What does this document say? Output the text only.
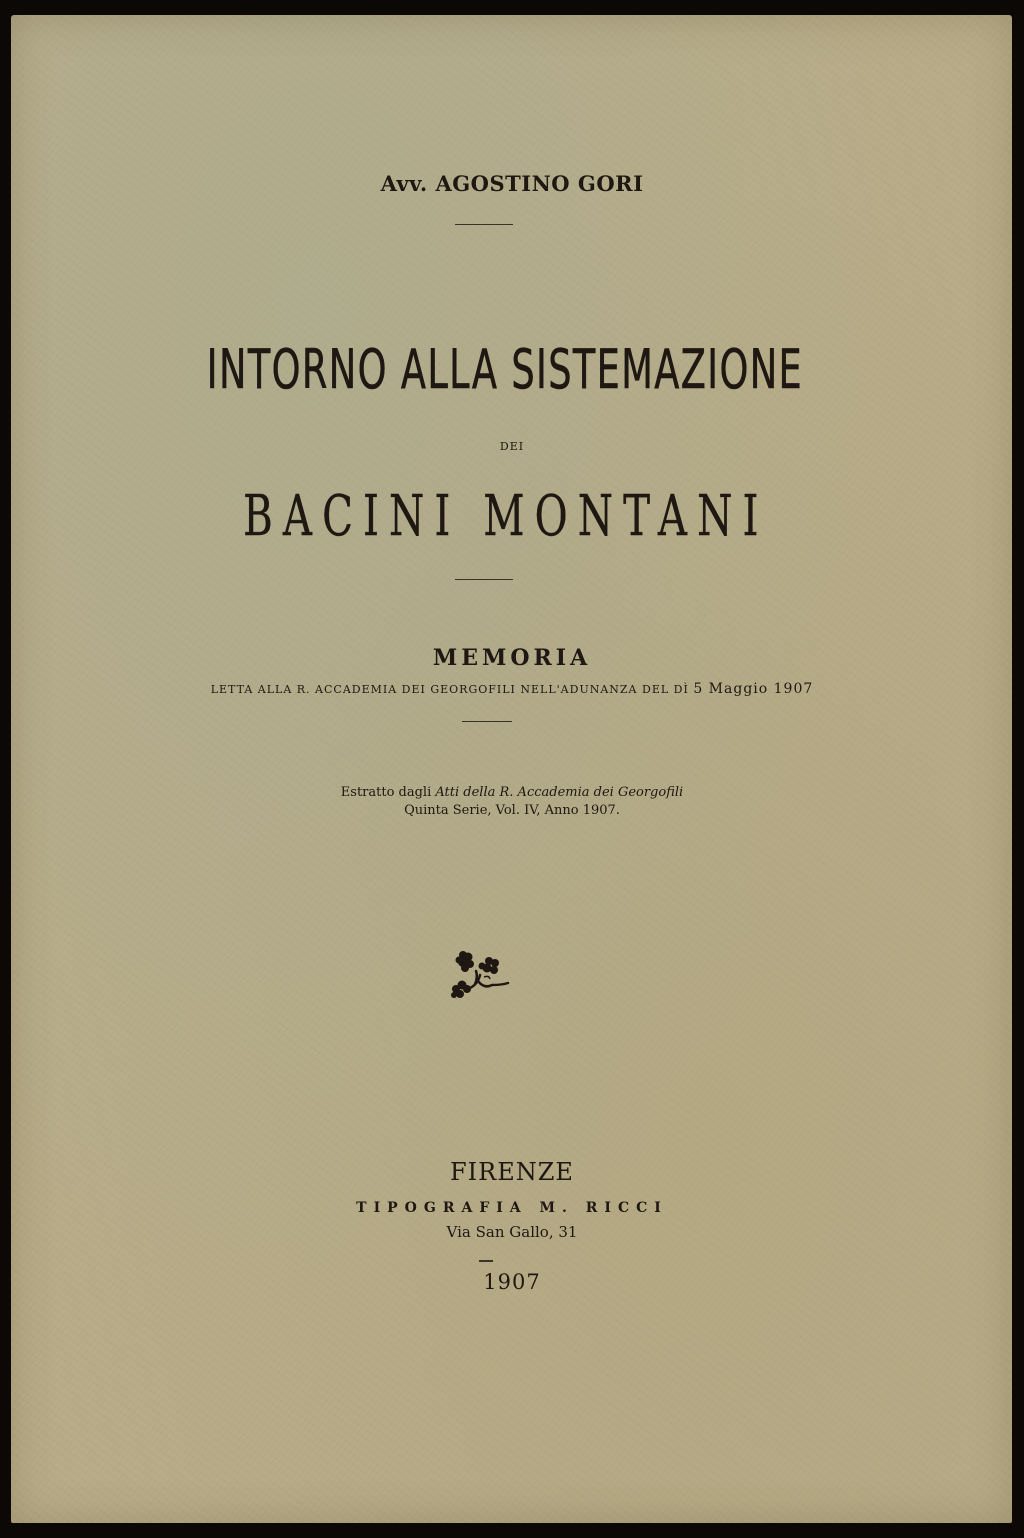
Avv. AGOSTINO GORI
INTORNO ALLA SISTEMAZIONE
DEI
BACINI MONTANI
MEMORIA
LETTA ALLA R. ACCADEMIA DEI GEORGOFILI NELL'ADUNANZA DEL DÌ 5 Maggio 1907
Estratto dagli Atti della R. Accademia dei Georgofili
Quinta Serie, Vol. IV, Anno 1907.
FIRENZE
TIPOGRAFIA M. RICCI
Via San Gallo, 31
1907
